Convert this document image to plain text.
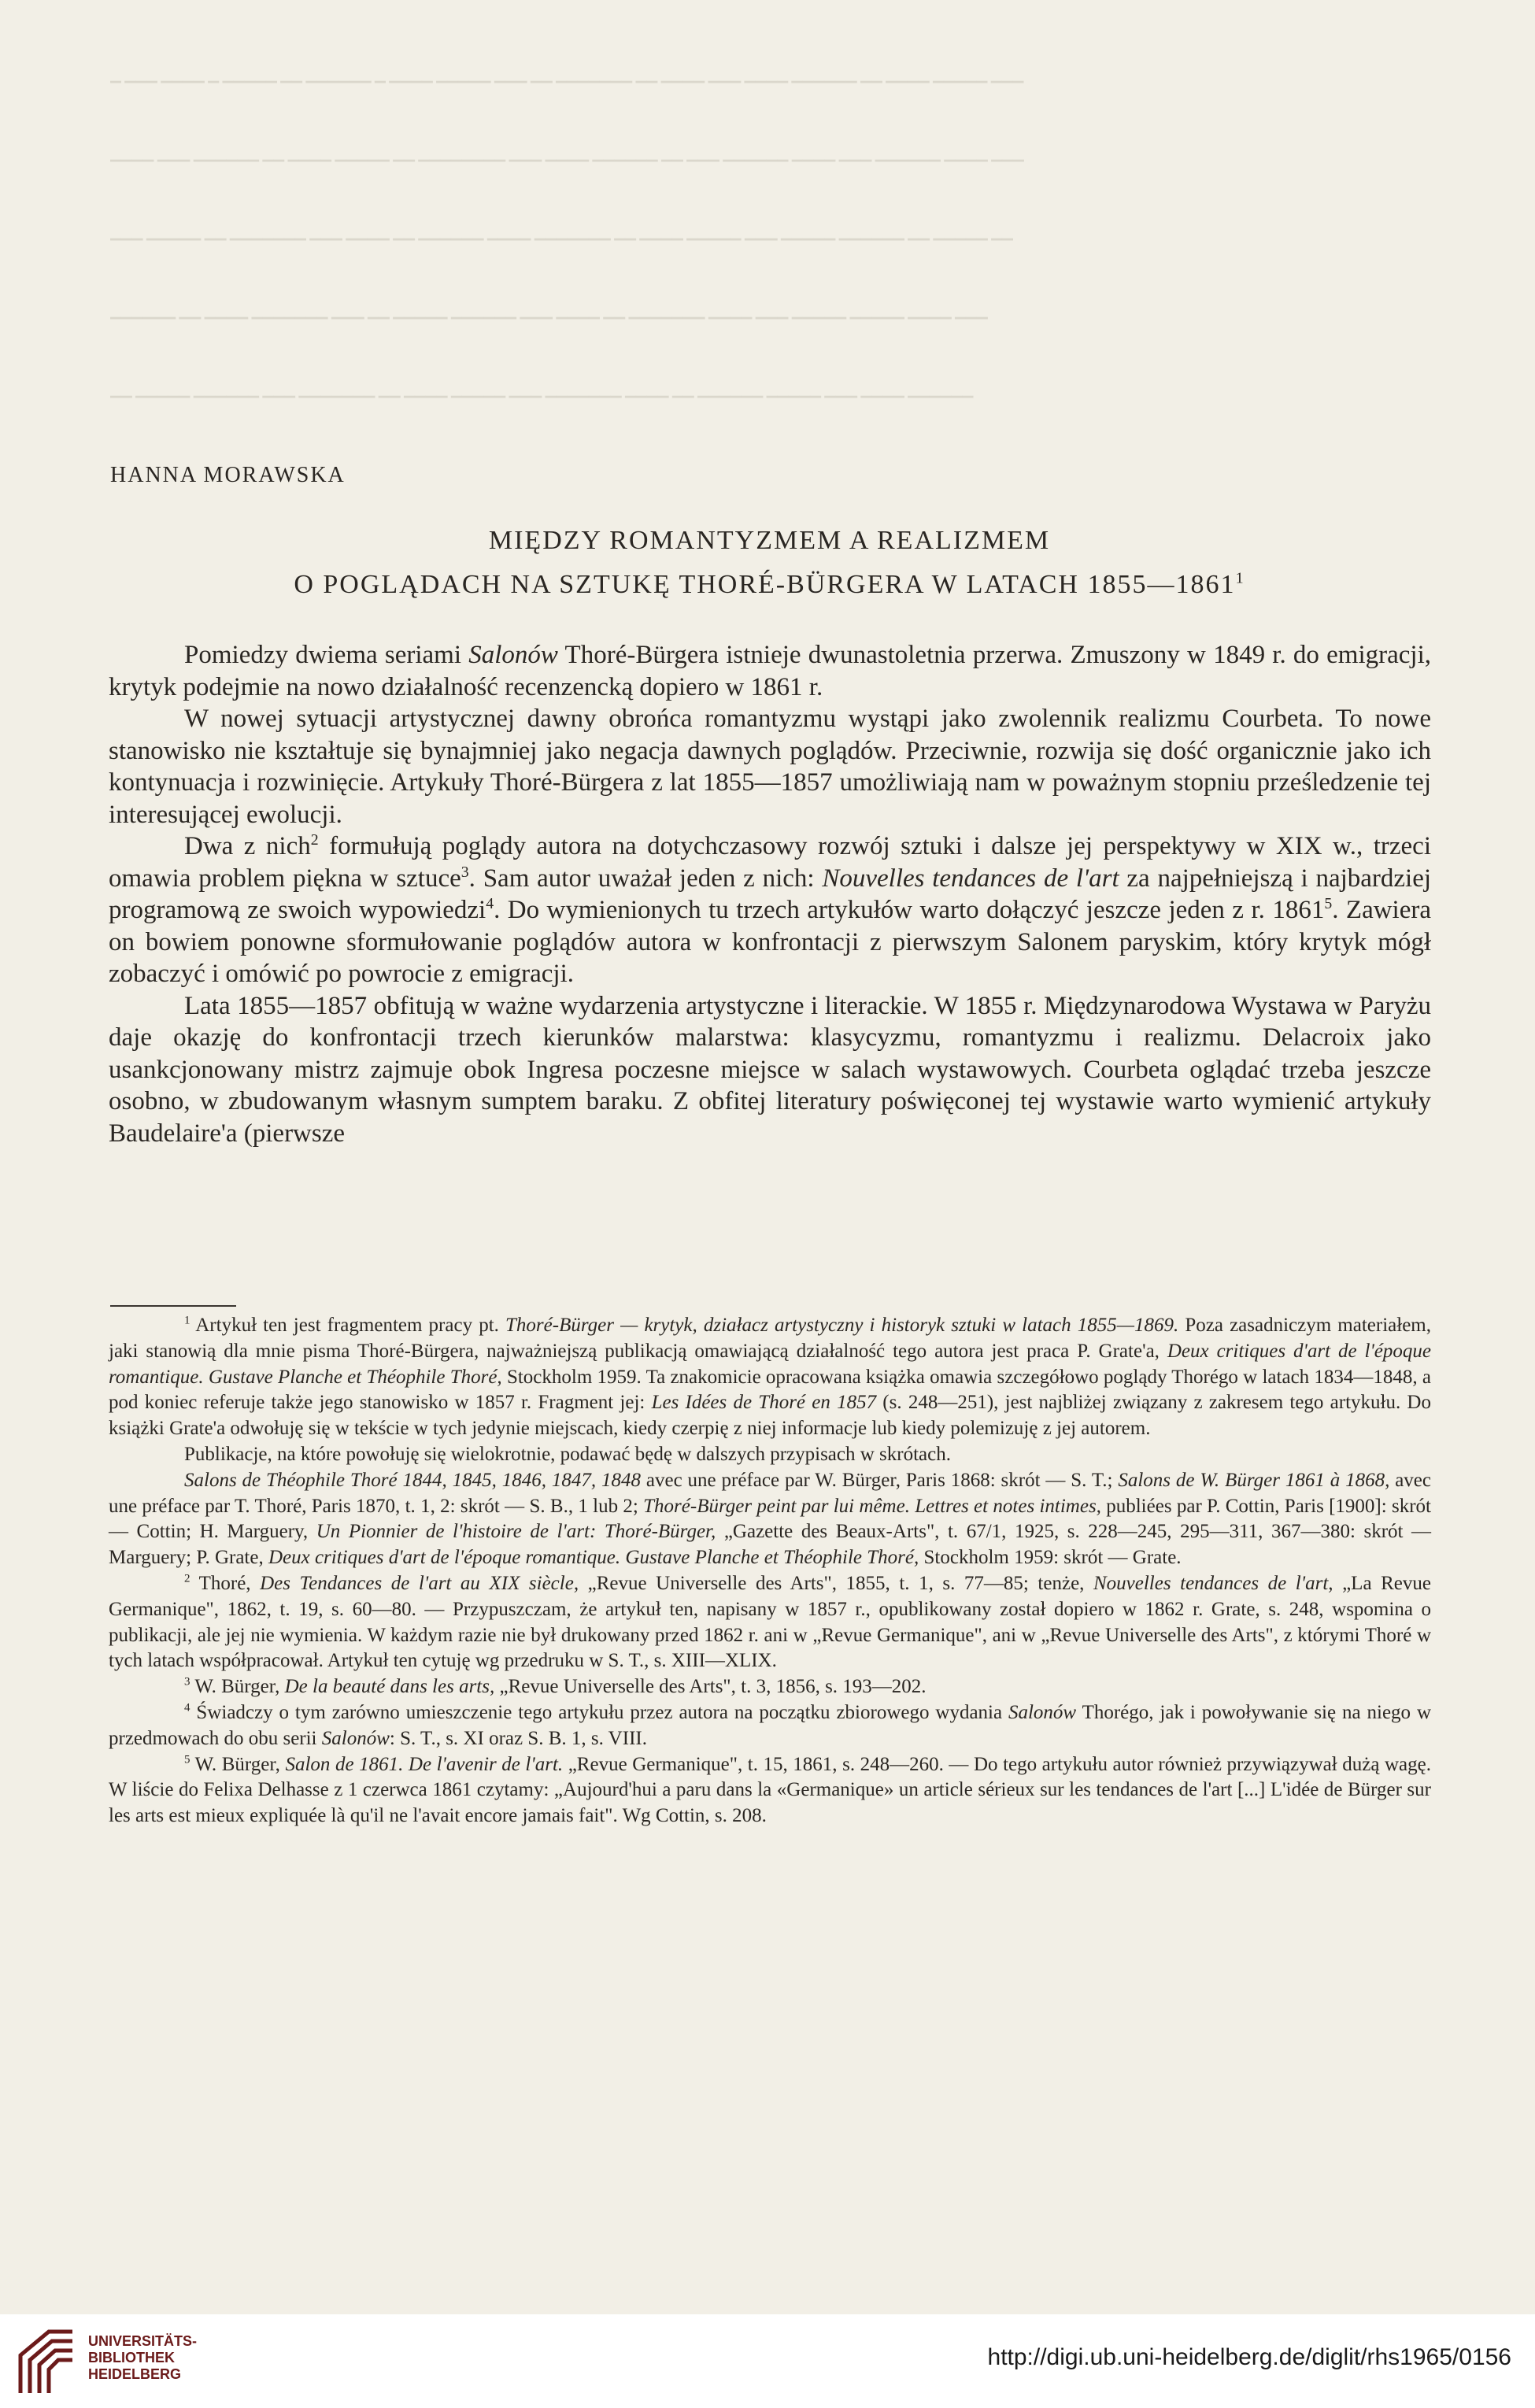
▁ ▁▁▁ ▁▁▁▁ ▁ ▁▁▁▁▁ ▁▁ ▁▁▁▁▁▁ ▁ ▁▁▁▁ ▁▁▁▁▁ ▁▁▁ ▁▁ ▁▁▁▁▁▁▁ ▁▁ ▁▁▁▁ ▁▁▁ ▁▁▁▁ ▁▁▁▁▁▁ ▁▁ ▁▁▁▁ ▁▁▁▁▁ ▁▁▁
▁▁▁▁ ▁▁▁ ▁▁▁▁▁▁ ▁▁ ▁▁▁▁ ▁▁▁▁▁ ▁▁ ▁▁▁▁▁▁▁▁ ▁▁▁ ▁▁▁▁ ▁▁▁▁▁▁ ▁▁ ▁▁▁ ▁▁▁▁▁▁ ▁▁▁▁ ▁▁▁ ▁▁▁▁▁▁ ▁▁▁▁ ▁▁▁
▁▁▁ ▁▁▁▁▁ ▁▁ ▁▁▁▁▁▁▁ ▁▁▁ ▁▁▁▁ ▁▁ ▁▁▁▁▁▁ ▁▁▁▁ ▁▁▁▁▁▁▁ ▁▁ ▁▁▁▁ ▁▁▁▁▁ ▁▁▁ ▁▁▁▁▁ ▁▁▁▁▁▁ ▁▁ ▁▁▁▁▁ ▁▁
▁▁▁▁▁▁ ▁▁ ▁▁▁▁ ▁▁▁▁▁▁▁ ▁▁▁ ▁▁ ▁▁▁▁▁ ▁▁▁▁▁▁ ▁▁▁ ▁▁▁▁ ▁▁ ▁▁▁▁▁▁▁ ▁▁▁▁ ▁▁▁ ▁▁▁▁▁ ▁▁▁▁▁ ▁▁▁▁ ▁▁▁
▁▁ ▁▁▁▁▁ ▁▁▁▁▁▁ ▁▁▁ ▁▁▁▁▁▁▁ ▁▁ ▁▁▁▁ ▁▁▁▁▁ ▁▁▁ ▁▁▁▁▁▁▁ ▁▁▁▁ ▁▁ ▁▁▁▁▁▁ ▁▁▁▁▁ ▁▁▁ ▁▁▁▁ ▁▁▁▁▁▁
HANNA MORAWSKA
MIĘDZY ROMANTYZMEM A REALIZMEM
O POGLĄDACH NA SZTUKĘ THORÉ-BÜRGERA W LATACH 1855—1861$^1$

Pomiedzy dwiema seriami Salonów Thoré-Bürgera istnieje dwunastoletnia przerwa. Zmuszony w 1849 r. do emigracji, krytyk podejmie na nowo działalność recenzencką dopiero w 1861 r.

W nowej sytuacji artystycznej dawny obrońca romantyzmu wystąpi jako zwolennik realizmu Courbeta. To nowe stanowisko nie kształtuje się bynajmniej jako negacja dawnych poglądów. Przeciwnie, rozwija się dość organicznie jako ich kontynuacja i rozwinięcie. Artykuły Thoré-Bürgera z lat 1855—1857 umożliwiają nam w poważnym stopniu prześledzenie tej interesującej ewolucji.

Dwa z nich$^2$ formułują poglądy autora na dotychczasowy rozwój sztuki i dalsze jej perspektywy w XIX w., trzeci omawia problem piękna w sztuce$^3$. Sam autor uważał jeden z nich: Nouvelles tendances de l'art za najpełniejszą i najbardziej programową ze swoich wypowiedzi$^4$. Do wymienionych tu trzech artykułów warto dołączyć jeszcze jeden z r. 1861$^5$. Zawiera on bowiem ponowne sformułowanie poglądów autora w konfrontacji z pierwszym Salonem paryskim, który krytyk mógł zobaczyć i omówić po powrocie z emigracji.

Lata 1855—1857 obfitują w ważne wydarzenia artystyczne i literackie. W 1855 r. Międzynarodowa Wystawa w Paryżu daje okazję do konfrontacji trzech kierunków malarstwa: klasycyzmu, romantyzmu i realizmu. Delacroix jako usankcjonowany mistrz zajmuje obok Ingresa poczesne miejsce w salach wystawowych. Courbeta oglądać trzeba jeszcze osobno, w zbudowanym własnym sumptem baraku. Z obfitej literatury poświęconej tej wystawie warto wymienić artykuły Baudelaire'a (pierwsze

$^1$ Artykuł ten jest fragmentem pracy pt. Thoré-Bürger — krytyk, działacz artystyczny i historyk sztuki w latach 1855—1869. Poza zasadniczym materiałem, jaki stanowią dla mnie pisma Thoré-Bürgera, najważniejszą publikacją omawiającą działalność tego autora jest praca P. Grate'a, Deux critiques d'art de l'époque romantique. Gustave Planche et Théophile Thoré, Stockholm 1959. Ta znakomicie opracowana książka omawia szczegółowo poglądy Thorégo w latach 1834—1848, a pod koniec referuje także jego stanowisko w 1857 r. Fragment jej: Les Idées de Thoré en 1857 (s. 248—251), jest najbliżej związany z zakresem tego artykułu. Do książki Grate'a odwołuję się w tekście w tych jedynie miejscach, kiedy czerpię z niej informacje lub kiedy polemizuję z jej autorem.

Publikacje, na które powołuję się wielokrotnie, podawać będę w dalszych przypisach w skrótach.

Salons de Théophile Thoré 1844, 1845, 1846, 1847, 1848 avec une préface par W. Bürger, Paris 1868: skrót — S. T.; Salons de W. Bürger 1861 à 1868, avec une préface par T. Thoré, Paris 1870, t. 1, 2: skrót — S. B., 1 lub 2; Thoré-Bürger peint par lui même. Lettres et notes intimes, publiées par P. Cottin, Paris [1900]: skrót — Cottin; H. Marguery, Un Pionnier de l'histoire de l'art: Thoré-Bürger, „Gazette des Beaux-Arts", t. 67/1, 1925, s. 228—245, 295—311, 367—380: skrót — Marguery; P. Grate, Deux critiques d'art de l'époque romantique. Gustave Planche et Théophile Thoré, Stockholm 1959: skrót — Grate.

$^2$ Thoré, Des Tendances de l'art au XIX siècle, „Revue Universelle des Arts", 1855, t. 1, s. 77—85; tenże, Nouvelles tendances de l'art, „La Revue Germanique", 1862, t. 19, s. 60—80. — Przypuszczam, że artykuł ten, napisany w 1857 r., opublikowany został dopiero w 1862 r. Grate, s. 248, wspomina o publikacji, ale jej nie wymienia. W każdym razie nie był drukowany przed 1862 r. ani w „Revue Germanique", ani w „Revue Universelle des Arts", z którymi Thoré w tych latach współpracował. Artykuł ten cytuję wg przedruku w S. T., s. XIII—XLIX.

$^3$ W. Bürger, De la beauté dans les arts, „Revue Universelle des Arts", t. 3, 1856, s. 193—202.

$^4$ Świadczy o tym zarówno umieszczenie tego artykułu przez autora na początku zbiorowego wydania Salonów Thorégo, jak i powoływanie się na niego w przedmowach do obu serii Salonów: S. T., s. XI oraz S. B. 1, s. VIII.

$^5$ W. Bürger, Salon de 1861. De l'avenir de l'art. „Revue Germanique", t. 15, 1861, s. 248—260. — Do tego artykułu autor również przywiązywał dużą wagę. W liście do Felixa Delhasse z 1 czerwca 1861 czytamy: „Aujourd'hui a paru dans la «Germanique» un article sérieux sur les tendances de l'art [...] L'idée de Bürger sur les arts est mieux expliquée là qu'il ne l'avait encore jamais fait". Wg Cottin, s. 208.

UNIVERSITÄTS-
BIBLIOTHEK
HEIDELBERG
http://digi.ub.uni-heidelberg.de/diglit/rhs1965/0156
